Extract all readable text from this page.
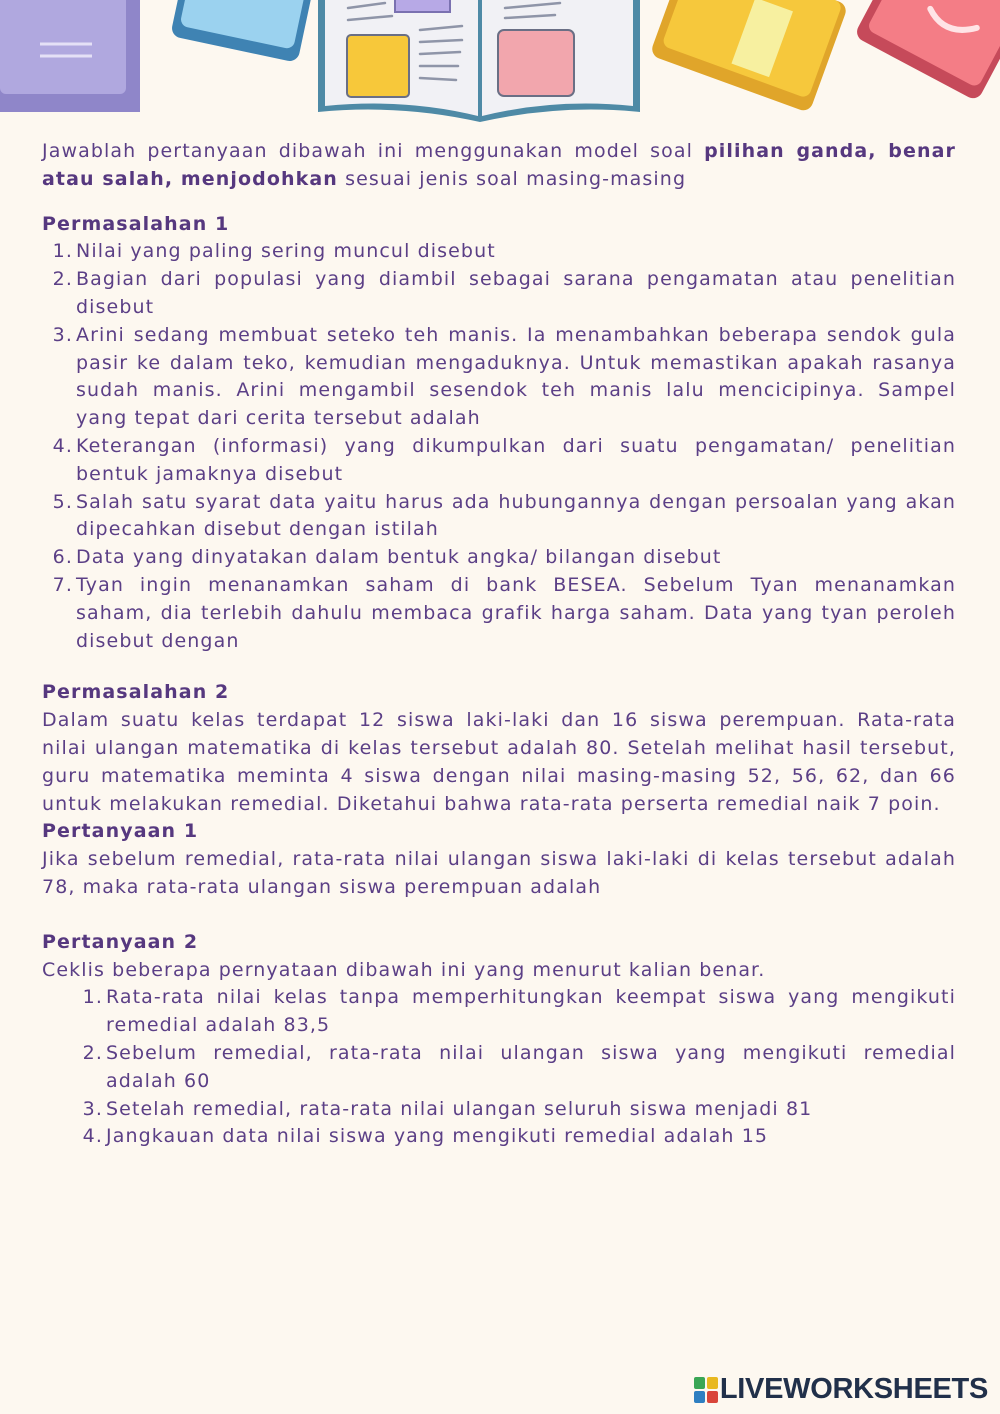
Jawablah pertanyaan dibawah ini menggunakan model soal pilihan ganda, benar atau salah, menjodohkan sesuai jenis soal masing-masing

Permasalahan 1
1. Nilai yang paling sering muncul disebut
2. Bagian dari populasi yang diambil sebagai sarana pengamatan atau penelitian disebut
3. Arini sedang membuat seteko teh manis. Ia menambahkan beberapa sendok gula pasir ke dalam teko, kemudian mengaduknya. Untuk memastikan apakah rasanya sudah manis. Arini mengambil sesendok teh manis lalu mencicipinya. Sampel yang tepat dari cerita tersebut adalah
4. Keterangan (informasi) yang dikumpulkan dari suatu pengamatan/ penelitian bentuk jamaknya disebut
5. Salah satu syarat data yaitu harus ada hubungannya dengan persoalan yang akan dipecahkan disebut dengan istilah
6. Data yang dinyatakan dalam bentuk angka/ bilangan disebut
7. Tyan ingin menanamkan saham di bank BESEA. Sebelum Tyan menanamkan saham, dia terlebih dahulu membaca grafik harga saham. Data yang tyan peroleh disebut dengan
Permasalahan 2

Dalam suatu kelas terdapat 12 siswa laki-laki dan 16 siswa perempuan. Rata-rata nilai ulangan matematika di kelas tersebut adalah 80. Setelah melihat hasil tersebut, guru matematika meminta 4 siswa dengan nilai masing-masing 52, 56, 62, dan 66 untuk melakukan remedial. Diketahui bahwa rata-rata perserta remedial naik 7 poin.

Pertanyaan 1

Jika sebelum remedial, rata-rata nilai ulangan siswa laki-laki di kelas tersebut adalah 78, maka rata-rata ulangan siswa perempuan adalah

Pertanyaan 2

Ceklis beberapa pernyataan dibawah ini yang menurut kalian benar.

1. Rata-rata nilai kelas tanpa memperhitungkan keempat siswa yang mengikuti remedial adalah 83,5
2. Sebelum remedial, rata-rata nilai ulangan siswa yang mengikuti remedial adalah 60
3. Setelah remedial, rata-rata nilai ulangan seluruh siswa menjadi 81
4. Jangkauan data nilai siswa yang mengikuti remedial adalah 15
LIVEWORKSHEETS
